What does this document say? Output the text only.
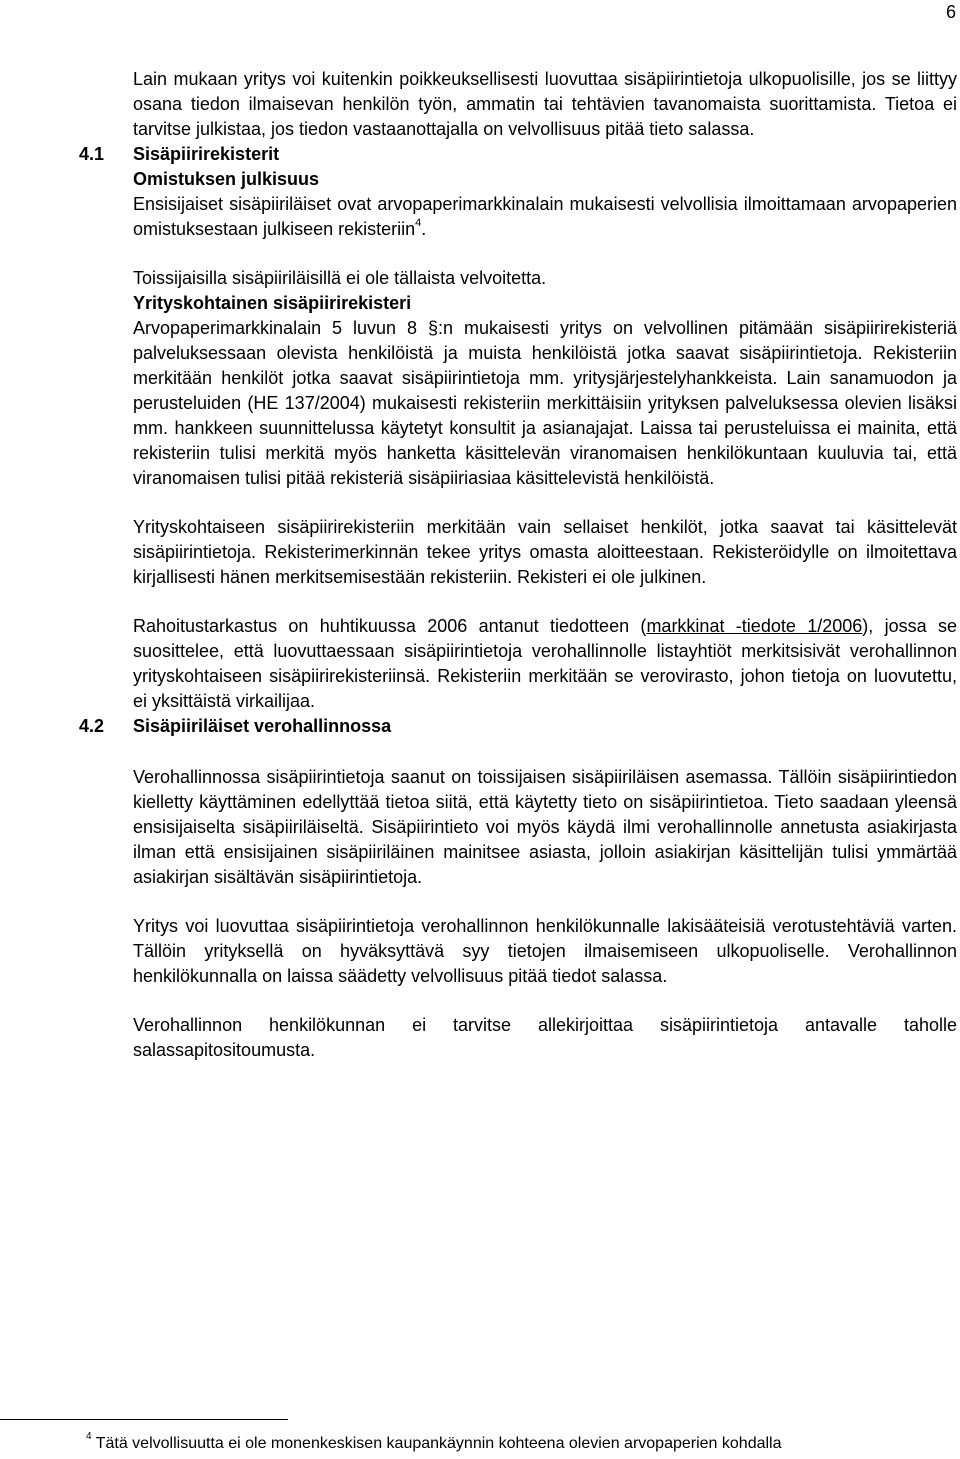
6

Lain mukaan yritys voi kuitenkin poikkeuksellisesti luovuttaa sisäpiirintietoja ulkopuolisille, jos se liittyy osana tiedon ilmaisevan henkilön työn, ammatin tai tehtävien tavanomaista suorittamista. Tietoa ei tarvitse julkistaa, jos tiedon vastaanottajalla on velvollisuus pitää tieto salassa.

4.1 Sisäpiirirekisterit
Omistuksen julkisuus

Ensisijaiset sisäpiiriläiset ovat arvopaperimarkkinalain mukaisesti velvollisia ilmoittamaan arvopaperien omistuksestaan julkiseen rekisteriin$^4$.

Toissijaisilla sisäpiiriläisillä ei ole tällaista velvoitetta.

Yrityskohtainen sisäpiirirekisteri

Arvopaperimarkkinalain 5 luvun 8 §:n mukaisesti yritys on velvollinen pitämään sisäpiirirekisteriä palveluksessaan olevista henkilöistä ja muista henkilöistä jotka saavat sisäpiirintietoja. Rekisteriin merkitään henkilöt jotka saavat sisäpiirintietoja mm. yritysjärjestelyhankkeista. Lain sanamuodon ja perusteluiden (HE 137/2004) mukaisesti rekisteriin merkittäisiin yrityksen palveluksessa olevien lisäksi mm. hankkeen suunnittelussa käytetyt konsultit ja asianajajat. Laissa tai perusteluissa ei mainita, että rekisteriin tulisi merkitä myös hanketta käsittelevän viranomaisen henkilökuntaan kuuluvia tai, että viranomaisen tulisi pitää rekisteriä sisäpiiriasiaa käsittelevistä henkilöistä.

Yrityskohtaiseen sisäpiirirekisteriin merkitään vain sellaiset henkilöt, jotka saavat tai käsittelevät sisäpiirintietoja. Rekisterimerkinnän tekee yritys omasta aloitteestaan. Rekisteröidylle on ilmoitettava kirjallisesti hänen merkitsemisestään rekisteriin. Rekisteri ei ole julkinen.

Rahoitustarkastus on huhtikuussa 2006 antanut tiedotteen (markkinat -tiedote 1/2006), jossa se suosittelee, että luovuttaessaan sisäpiirintietoja verohallinnolle listayhtiöt merkitsisivät verohallinnon yrityskohtaiseen sisäpiirirekisteriinsä. Rekisteriin merkitään se verovirasto, johon tietoja on luovutettu, ei yksittäistä virkailijaa.

4.2 Sisäpiiriläiset verohallinnossa

Verohallinnossa sisäpiirintietoja saanut on toissijaisen sisäpiiriläisen asemassa. Tällöin sisäpiirintiedon kielletty käyttäminen edellyttää tietoa siitä, että käytetty tieto on sisäpiirintietoa. Tieto saadaan yleensä ensisijaiselta sisäpiiriläiseltä. Sisäpiirintieto voi myös käydä ilmi verohallinnolle annetusta asiakirjasta ilman että ensisijainen sisäpiiriläinen mainitsee asiasta, jolloin asiakirjan käsittelijän tulisi ymmärtää asiakirjan sisältävän sisäpiirintietoja.

Yritys voi luovuttaa sisäpiirintietoja verohallinnon henkilökunnalle lakisääteisiä verotustehtäviä varten. Tällöin yrityksellä on hyväksyttävä syy tietojen ilmaisemiseen ulkopuoliselle. Verohallinnon henkilökunnalla on laissa säädetty velvollisuus pitää tiedot salassa.

Verohallinnon henkilökunnan ei tarvitse allekirjoittaa sisäpiirintietoja antavalle taholle salassapitositoumusta.

$^4$ Tätä velvollisuutta ei ole monenkeskisen kaupankäynnin kohteena olevien arvopaperien kohdalla
